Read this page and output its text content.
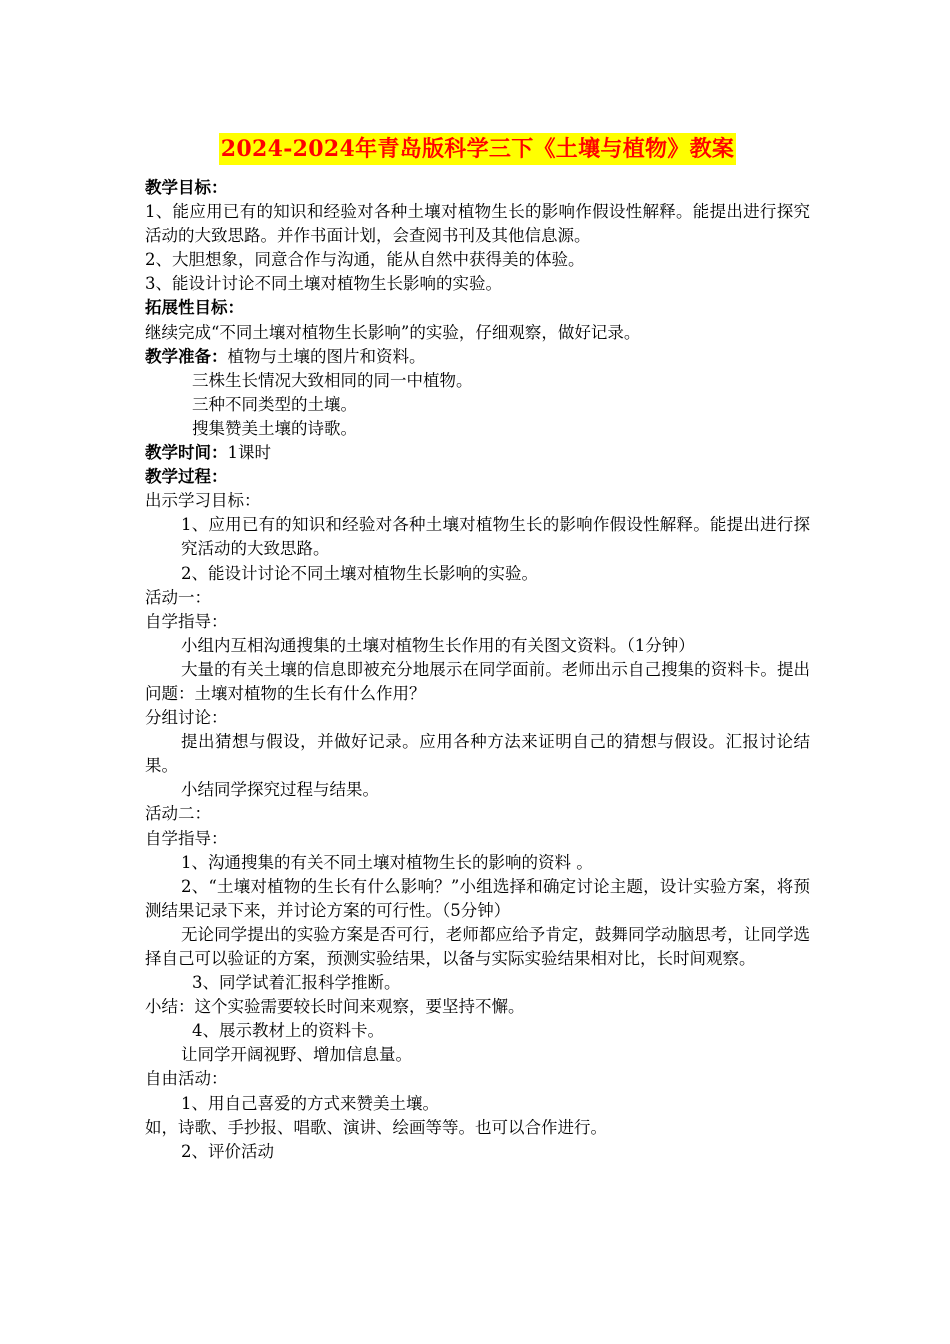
2024-2024年青岛版科学三下《土壤与植物》教案
教学目标：
1、能应用已有的知识和经验对各种土壤对植物生长的影响作假设性解释。能提出进行探究活动的大致思路。并作书面计划，会查阅书刊及其他信息源。
2、大胆想象，同意合作与沟通，能从自然中获得美的体验。
3、能设计讨论不同土壤对植物生长影响的实验。
拓展性目标：
继续完成“不同土壤对植物生长影响”的实验，仔细观察，做好记录。
教学准备：植物与土壤的图片和资料。
三株生长情况大致相同的同一中植物。
三种不同类型的土壤。
搜集赞美土壤的诗歌。
教学时间：1课时
教学过程：
出示学习目标：
1、应用已有的知识和经验对各种土壤对植物生长的影响作假设性解释。能提出进行探究活动的大致思路。
2、能设计讨论不同土壤对植物生长影响的实验。
活动一：
自学指导：
小组内互相沟通搜集的土壤对植物生长作用的有关图文资料。（1分钟）
大量的有关土壤的信息即被充分地展示在同学面前。老师出示自己搜集的资料卡。提出问题：土壤对植物的生长有什么作用？
分组讨论：
提出猜想与假设，并做好记录。应用各种方法来证明自己的猜想与假设。汇报讨论结果。
小结同学探究过程与结果。
活动二：
自学指导：
1、沟通搜集的有关不同土壤对植物生长的影响的资料 。
2、“土壤对植物的生长有什么影响？”小组选择和确定讨论主题，设计实验方案，将预测结果记录下来，并讨论方案的可行性。（5分钟）
无论同学提出的实验方案是否可行，老师都应给予肯定，鼓舞同学动脑思考，让同学选择自己可以验证的方案，预测实验结果，以备与实际实验结果相对比，长时间观察。
3、同学试着汇报科学推断。
小结：这个实验需要较长时间来观察，要坚持不懈。
4、展示教材上的资料卡。
让同学开阔视野、增加信息量。
自由活动：
1、用自己喜爱的方式来赞美土壤。
如，诗歌、手抄报、唱歌、演讲、绘画等等。也可以合作进行。
2、评价活动
